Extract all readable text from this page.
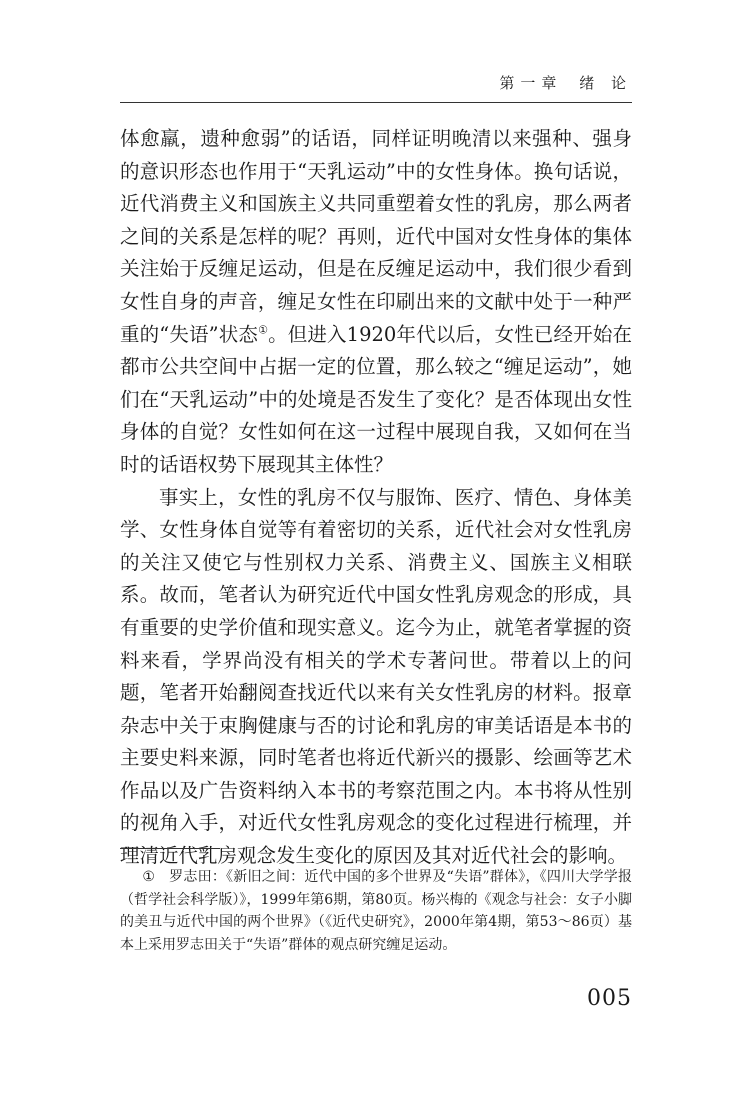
第一章 绪 论

体愈羸，遗种愈弱”的话语，同样证明晚清以来强种、强身的意识形态也作用于“天乳运动”中的女性身体。换句话说，近代消费主义和国族主义共同重塑着女性的乳房，那么两者之间的关系是怎样的呢？再则，近代中国对女性身体的集体关注始于反缠足运动，但是在反缠足运动中，我们很少看到女性自身的声音，缠足女性在印刷出来的文献中处于一种严重的“失语”状态①。但进入1920年代以后，女性已经开始在都市公共空间中占据一定的位置，那么较之“缠足运动”，她们在“天乳运动”中的处境是否发生了变化？是否体现出女性身体的自觉？女性如何在这一过程中展现自我，又如何在当时的话语权势下展现其主体性？

事实上，女性的乳房不仅与服饰、医疗、情色、身体美学、女性身体自觉等有着密切的关系，近代社会对女性乳房的关注又使它与性别权力关系、消费主义、国族主义相联系。故而，笔者认为研究近代中国女性乳房观念的形成，具有重要的史学价值和现实意义。迄今为止，就笔者掌握的资料来看，学界尚没有相关的学术专著问世。带着以上的问题，笔者开始翻阅查找近代以来有关女性乳房的材料。报章杂志中关于束胸健康与否的讨论和乳房的审美话语是本书的主要史料来源，同时笔者也将近代新兴的摄影、绘画等艺术作品以及广告资料纳入本书的考察范围之内。本书将从性别的视角入手，对近代女性乳房观念的变化过程进行梳理，并理清近代乳房观念发生变化的原因及其对近代社会的影响。

① 罗志田：《新旧之间：近代中国的多个世界及“失语”群体》，《四川大学学报（哲学社会科学版）》，1999年第6期，第80页。杨兴梅的《观念与社会：女子小脚的美丑与近代中国的两个世界》（《近代史研究》，2000年第4期，第53～86页）基本上采用罗志田关于“失语”群体的观点研究缠足运动。

005
